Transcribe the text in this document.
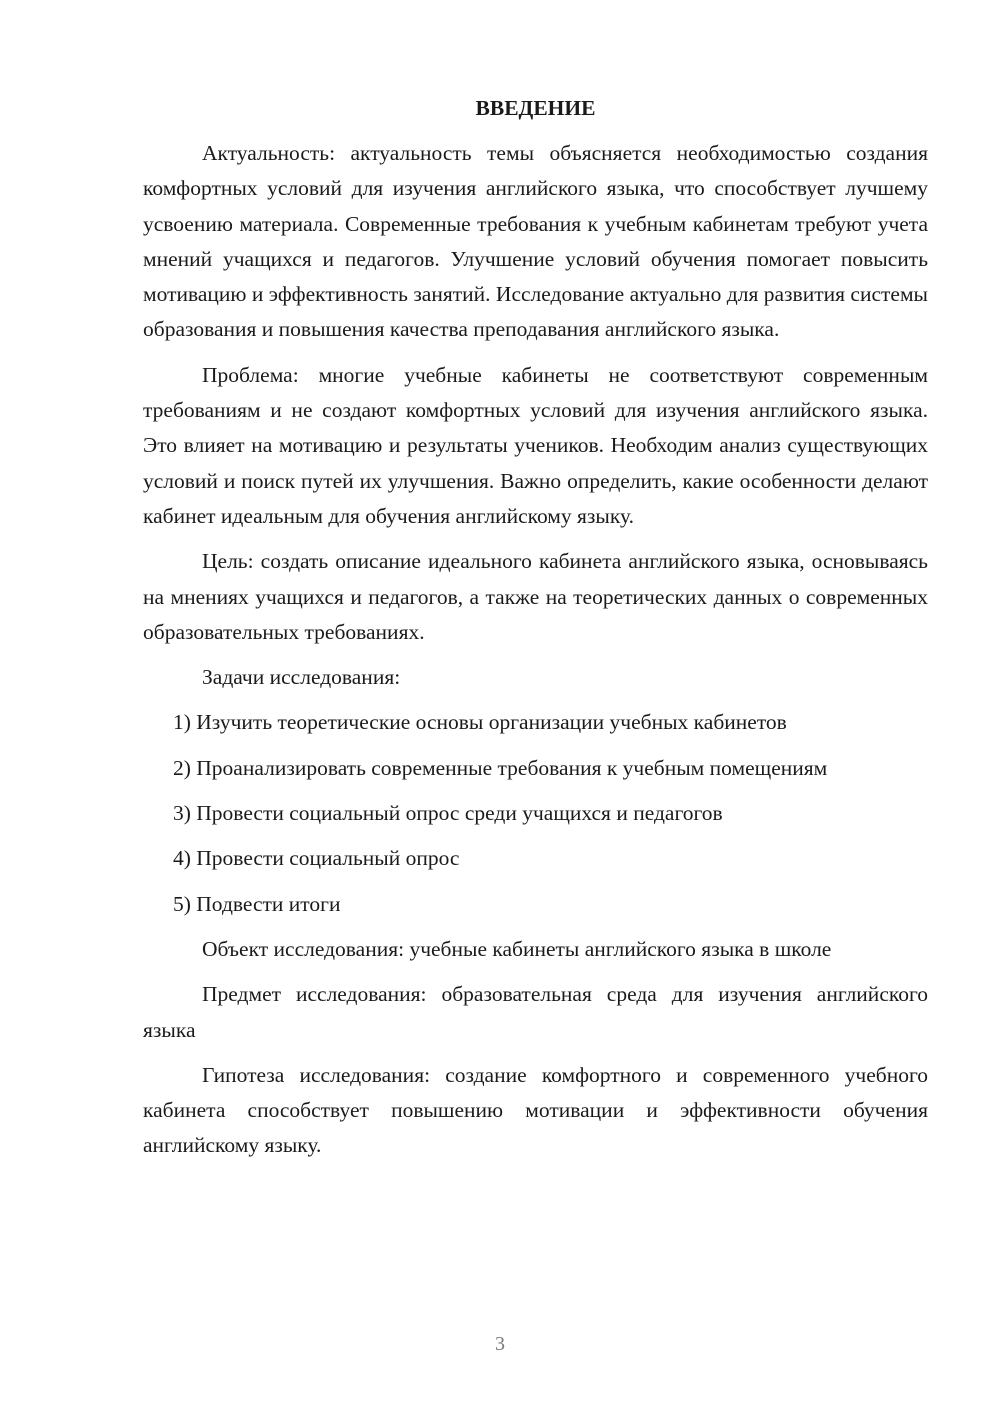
ВВЕДЕНИЕ

Актуальность: актуальность темы объясняется необходимостью создания комфортных условий для изучения английского языка, что способствует лучшему усвоению материала. Современные требования к учебным кабинетам требуют учета мнений учащихся и педагогов. Улучшение условий обучения помогает повысить мотивацию и эффективность занятий. Исследование актуально для развития системы образования и повышения качества преподавания английского языка.

Проблема: многие учебные кабинеты не соответствуют современным требованиям и не создают комфортных условий для изучения английского языка. Это влияет на мотивацию и результаты учеников. Необходим анализ существующих условий и поиск путей их улучшения. Важно определить, какие особенности делают кабинет идеальным для обучения английскому языку.

Цель: создать описание идеального кабинета английского языка, основываясь на мнениях учащихся и педагогов, а также на теоретических данных о современных образовательных требованиях.

Задачи исследования:

1) Изучить теоретические основы организации учебных кабинетов

2) Проанализировать современные требования к учебным помещениям

3) Провести социальный опрос среди учащихся и педагогов

4) Провести социальный опрос

5) Подвести итоги

Объект исследования: учебные кабинеты английского языка в школе

Предмет исследования: образовательная среда для изучения английского языка

Гипотеза исследования: создание комфортного и современного учебного кабинета способствует повышению мотивации и эффективности обучения английскому языку.

3
